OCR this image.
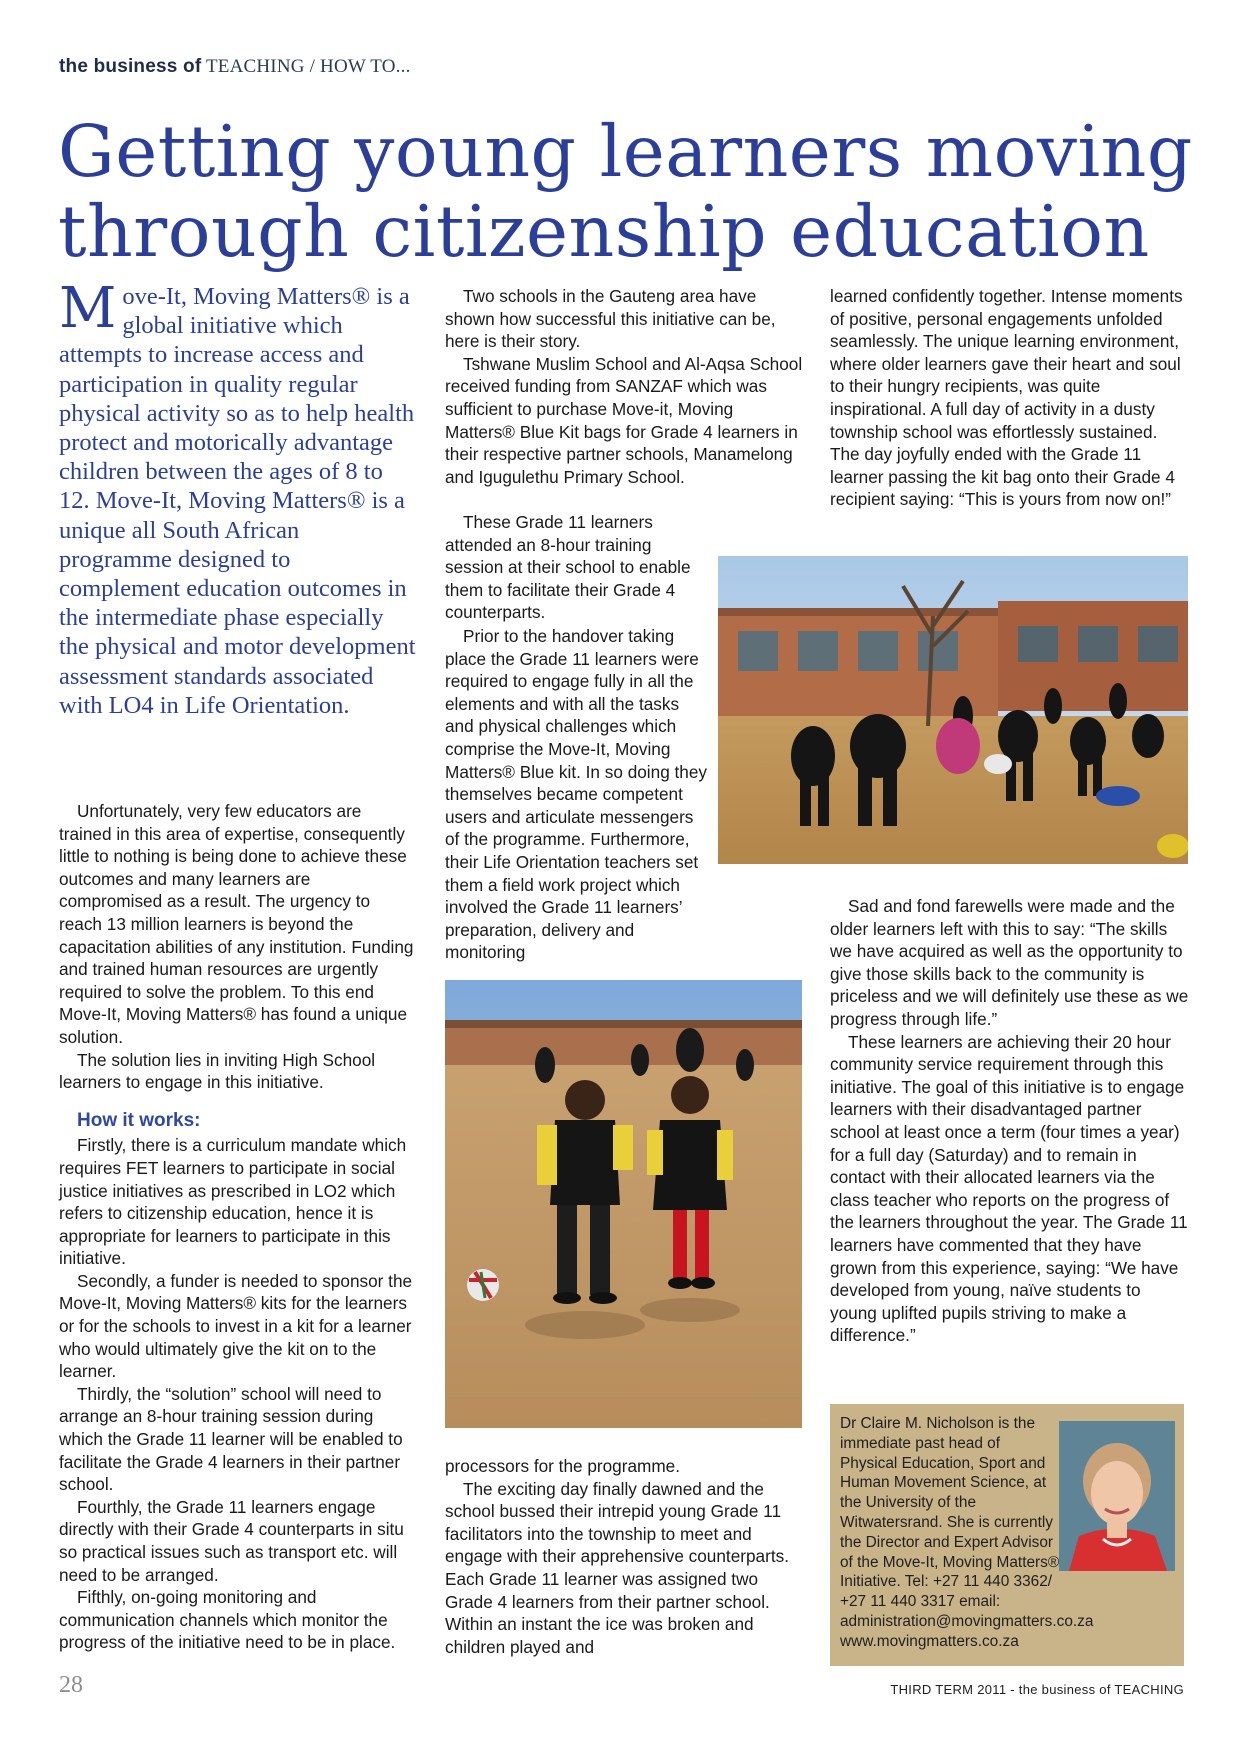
the business of TEACHING / HOW TO...
Getting young learners moving
through citizenship education
Move-It, Moving Matters® is a global initiative which attempts to increase access and participation in quality regular physical activity so as to help health protect and motorically advantage children between the ages of 8 to 12. Move-It, Moving Matters® is a unique all South African programme designed to complement education outcomes in the intermediate phase especially the physical and motor development assessment standards associated with LO4 in Life Orientation.

Unfortunately, very few educators are trained in this area of expertise, consequently little to nothing is being done to achieve these outcomes and many learners are compromised as a result. The urgency to reach 13 million learners is beyond the capacitation abilities of any institution. Funding and trained human resources are urgently required to solve the problem. To this end Move-It, Moving Matters® has found a unique solution.

The solution lies in inviting High School learners to engage in this initiative.

How it works:

Firstly, there is a curriculum mandate which requires FET learners to participate in social justice initiatives as prescribed in LO2 which refers to citizenship education, hence it is appropriate for learners to participate in this initiative.

Secondly, a funder is needed to sponsor the Move-It, Moving Matters® kits for the learners or for the schools to invest in a kit for a learner who would ultimately give the kit on to the learner.

Thirdly, the “solution” school will need to arrange an 8-hour training session during which the Grade 11 learner will be enabled to facilitate the Grade 4 learners in their partner school.

Fourthly, the Grade 11 learners engage directly with their Grade 4 counterparts in situ so practical issues such as transport etc. will need to be arranged.

Fifthly, on-going monitoring and communication channels which monitor the progress of the initiative need to be in place.

Two schools in the Gauteng area have shown how successful this initiative can be, here is their story.

Tshwane Muslim School and Al-Aqsa School received funding from SANZAF which was sufficient to purchase Move-it, Moving Matters® Blue Kit bags for Grade 4 learners in their respective partner schools, Manamelong and Igugulethu Primary School.

These Grade 11 learners attended an 8-hour training session at their school to enable them to facilitate their Grade 4 counterparts.

Prior to the handover taking place the Grade 11 learners were required to engage fully in all the elements and with all the tasks and physical challenges which comprise the Move-It, Moving Matters® Blue kit. In so doing they themselves became competent users and articulate messengers of the programme. Furthermore, their Life Orientation teachers set them a field work project which involved the Grade 11 learners’ preparation, delivery and monitoring

processors for the programme.

The exciting day finally dawned and the school bussed their intrepid young Grade 11 facilitators into the township to meet and engage with their apprehensive counterparts. Each Grade 11 learner was assigned two Grade 4 learners from their partner school. Within an instant the ice was broken and children played and

learned confidently together. Intense moments of positive, personal engagements unfolded seamlessly. The unique learning environment, where older learners gave their heart and soul to their hungry recipients, was quite inspirational. A full day of activity in a dusty township school was effortlessly sustained. The day joyfully ended with the Grade 11 learner passing the kit bag onto their Grade 4 recipient saying: “This is yours from now on!”

Sad and fond farewells were made and the older learners left with this to say: “The skills we have acquired as well as the opportunity to give those skills back to the community is priceless and we will definitely use these as we progress through life.”

These learners are achieving their 20 hour community service requirement through this initiative. The goal of this initiative is to engage learners with their disadvantaged partner school at least once a term (four times a year) for a full day (Saturday) and to remain in contact with their allocated learners via the class teacher who reports on the progress of the learners throughout the year. The Grade 11 learners have commented that they have grown from this experience, saying: “We have developed from young, naïve students to young uplifted pupils striving to make a difference.”

Dr Claire M. Nicholson is the immediate past head of Physical Education, Sport and Human Movement Science, at the University of the Witwatersrand. She is currently the Director and Expert Advisor of the Move-It, Moving Matters® Initiative. Tel: +27 11 440 3362/ +27 11 440 3317 email: administration@movingmatters.co.za www.movingmatters.co.za
28	THIRD TERM 2011 - the business of TEACHING
